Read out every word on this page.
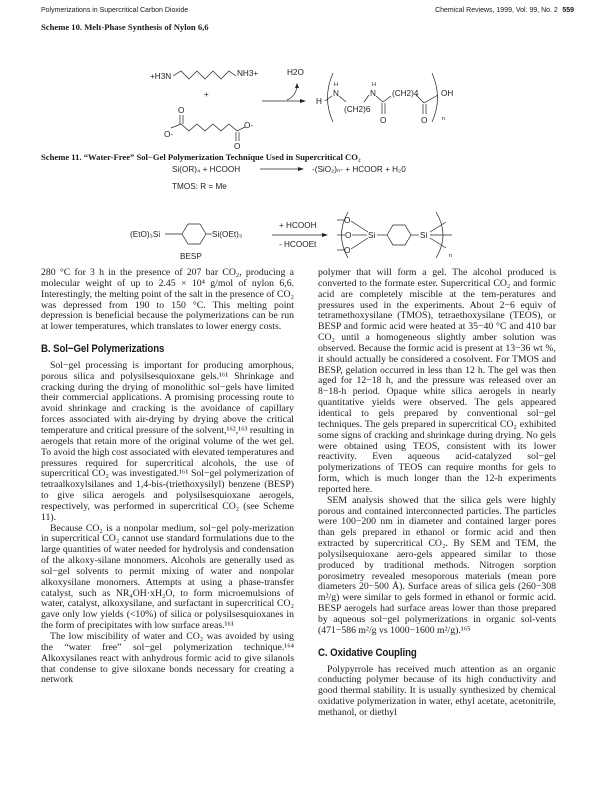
Polymerizations in Supercritical Carbon Dioxide	Chemical Reviews, 1999, Vol. 99, No. 2 559
Scheme 10. Melt-Phase Synthesis of Nylon 6,6
Scheme 11. “Water-Free” Sol−Gel Polymerization Technique Used in Supercritical CO₂
+H3N	NH3+
+
O
O-
O-
O
H2O
H
H
N
(CH2)6
H
N
O
(CH2)4
O
OH
n
Si(OR)₄ + HCOOH	-(SiO₂)ₙ- + HCOOR + H₂0
TMOS: R = Me
(EtO)₃Si	Si(OEt)₃
BESP
+ HCOOH
- HCOOEt
O
O
O
Si	Si
n

280 °C for 3 h in the presence of 207 bar CO₂, producing a molecular weight of up to 2.45 × 10⁴ g/mol of nylon 6,6. Interestingly, the melting point of the salt in the presence of CO₂ was depressed from 190 to 150 °C. This melting point depression is beneficial because the polymerizations can be run at lower temperatures, which translates to lower energy costs.

B. Sol−Gel Polymerizations

Sol−gel processing is important for producing amorphous, porous silica and polysilsesquioxane gels.¹⁶¹ Shrinkage and cracking during the drying of monolithic sol−gels have limited their commercial applications. A promising processing route to avoid shrinkage and cracking is the avoidance of capillary forces associated with air-drying by drying above the critical temperature and critical pressure of the solvent,¹⁶²,¹⁶³ resulting in aerogels that retain more of the original volume of the wet gel. To avoid the high cost associated with elevated temperatures and pressures required for supercritical alcohols, the use of supercritical CO₂ was investigated.¹⁶¹ Sol−gel polymerization of tetraalkoxylsilanes and 1,4-bis-(triethoxysilyl) benzene (BESP) to give silica aerogels and polysilsesquioxane aerogels, respectively, was performed in supercritical CO₂ (see Scheme 11).

Because CO₂ is a nonpolar medium, sol−gel poly-merization in supercritical CO₂ cannot use standard formulations due to the large quantities of water needed for hydrolysis and condensation of the alkoxy-silane monomers. Alcohols are generally used as sol−gel solvents to permit mixing of water and nonpolar alkoxysilane monomers. Attempts at using a phase-transfer catalyst, such as NR₄OH·xH₂O, to form microemulsions of water, catalyst, alkoxysilane, and surfactant in supercritical CO₂ gave only low yields (<10%) of silica or polysilsesquioxanes in the form of precipitates with low surface areas.¹⁶¹

The low miscibility of water and CO₂ was avoided by using the “water free” sol−gel polymerization technique.¹⁶⁴ Alkoxysilanes react with anhydrous formic acid to give silanols that condense to give siloxane bonds necessary for creating a network

polymer that will form a gel. The alcohol produced is converted to the formate ester. Supercritical CO₂ and formic acid are completely miscible at the tem-peratures and pressures used in the experiments. About 2−6 equiv of tetramethoxysilane (TMOS), tetraethoxysilane (TEOS), or BESP and formic acid were heated at 35−40 °C and 410 bar CO₂ until a homogeneous slightly amber solution was observed. Because the formic acid is present at 13−36 wt %, it should actually be considered a cosolvent. For TMOS and BESP, gelation occurred in less than 12 h. The gel was then aged for 12−18 h, and the pressure was released over an 8−18-h period. Opaque white silica aerogels in nearly quantitative yields were observed. The gels appeared identical to gels prepared by conventional sol−gel techniques. The gels prepared in supercritical CO₂ exhibited some signs of cracking and shrinkage during drying. No gels were obtained using TEOS, consistent with its lower reactivity. Even aqueous acid-catalyzed sol−gel polymerizations of TEOS can require months for gels to form, which is much longer than the 12-h experiments reported here.

SEM analysis showed that the silica gels were highly porous and contained interconnected particles. The particles were 100−200 nm in diameter and contained larger pores than gels prepared in ethanol or formic acid and then extracted by supercritical CO₂. By SEM and TEM, the polysilsequioxane aero-gels appeared similar to those produced by traditional methods. Nitrogen sorption porosimetry revealed mesoporous materials (mean pore diameters 20−500 Å). Surface areas of silica gels (260−308 m²/g) were similar to gels formed in ethanol or formic acid. BESP aerogels had surface areas lower than those prepared by aqueous sol−gel polymerizations in organic sol-vents (471−586 m²/g vs 1000−1600 m²/g).¹⁶⁵

C. Oxidative Coupling

Polypyrrole has received much attention as an organic conducting polymer because of its high conductivity and good thermal stability. It is usually synthesized by chemical oxidative polymerization in water, ethyl acetate, acetonitrile, methanol, or diethyl
